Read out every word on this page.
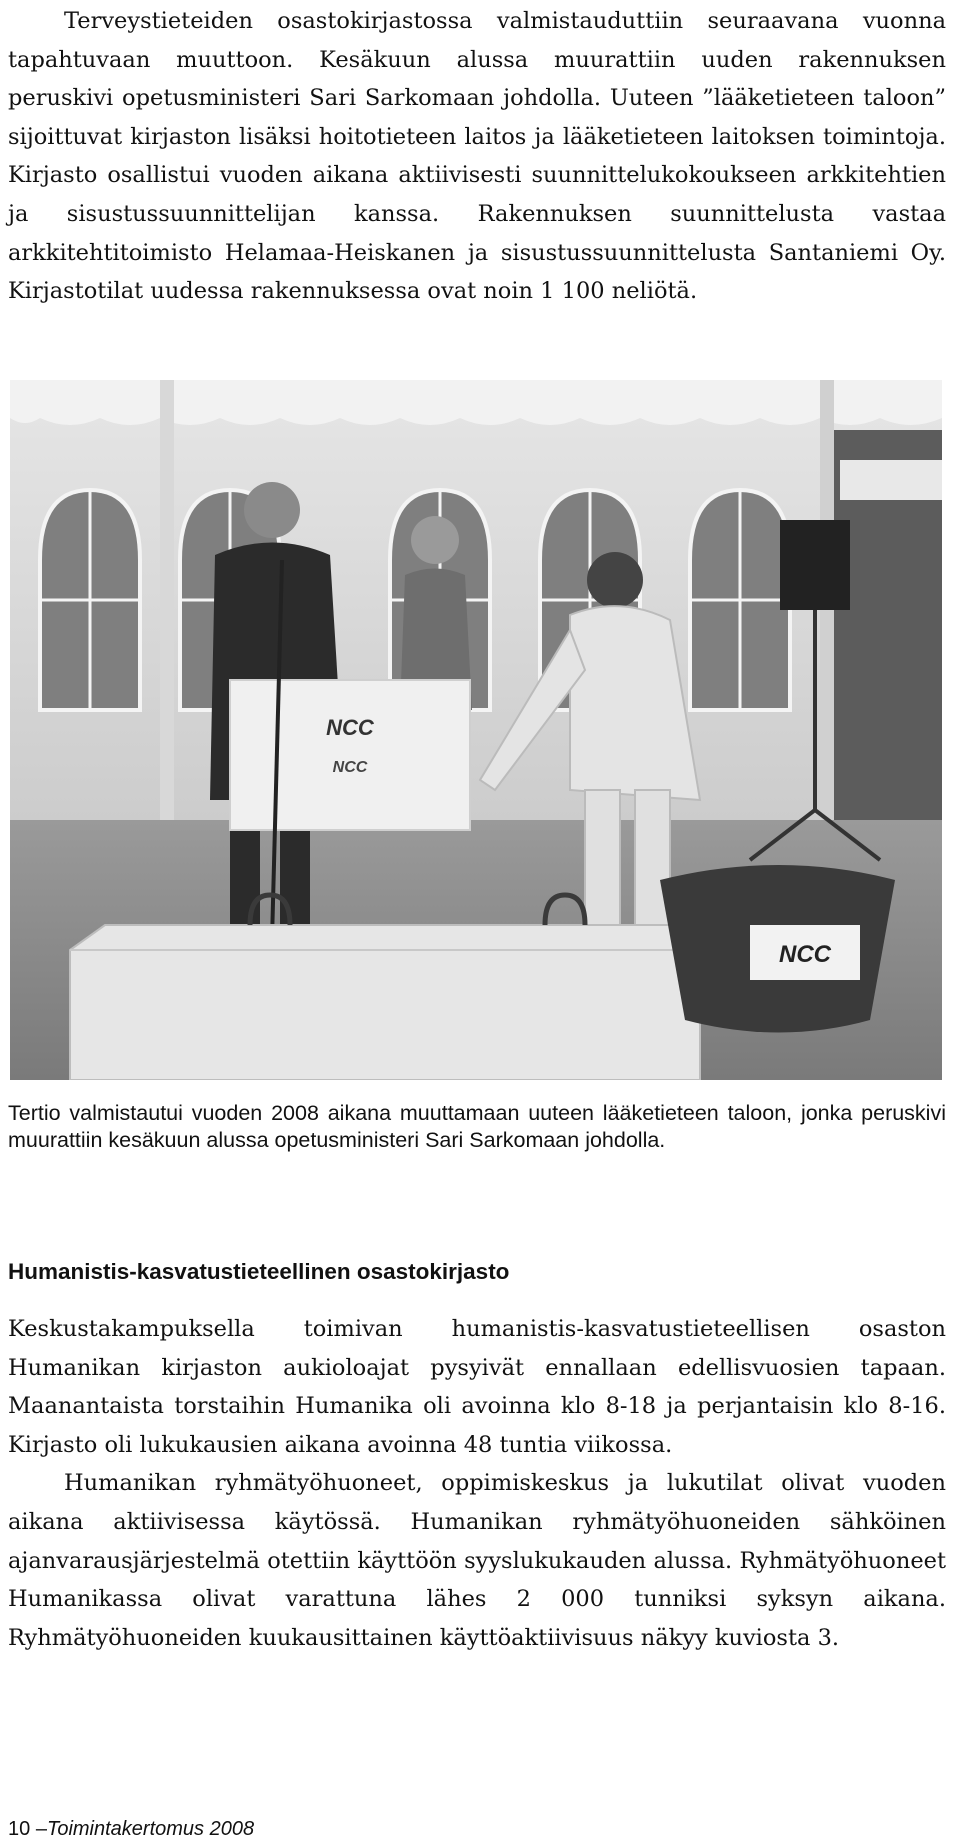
Terveystieteiden osastokirjastossa valmistauduttiin seuraavana vuonna tapahtuvaan muuttoon. Kesäkuun alussa muurattiin uuden rakennuksen peruskivi opetusministeri Sari Sarkomaan johdolla. Uuteen ”lääketieteen taloon” sijoittuvat kirjaston lisäksi hoitotieteen laitos ja lääketieteen laitoksen toimintoja. Kirjasto osallistui vuoden aikana aktiivisesti suunnittelukokoukseen arkkitehtien ja sisustussuunnittelijan kanssa. Rakennuksen suunnittelusta vastaa arkkitehtitoimisto Helamaa-Heiskanen ja sisustussuunnittelusta Santaniemi Oy. Kirjastotilat uudessa rakennuksessa ovat noin 1 100 neliötä.

NCC
NCC
NCC

Tertio valmistautui vuoden 2008 aikana muuttamaan uuteen lääketieteen taloon, jonka peruskivi muurattiin kesäkuun alussa opetusministeri Sari Sarkomaan johdolla.

Humanistis-kasvatustieteellinen osastokirjasto

Keskustakampuksella toimivan humanistis-kasvatustieteellisen osaston Humanikan kirjaston aukioloajat pysyivät ennallaan edellisvuosien tapaan. Maanantaista torstaihin Humanika oli avoinna klo 8-18 ja perjantaisin klo 8-16. Kirjasto oli lukukausien aikana avoinna 48 tuntia viikossa.

Humanikan ryhmätyöhuoneet, oppimiskeskus ja lukutilat olivat vuoden aikana aktiivisessa käytössä. Humanikan ryhmätyöhuoneiden sähköinen ajanvarausjärjestelmä otettiin käyttöön syyslukukauden alussa. Ryhmätyöhuoneet Humanikassa olivat varattuna lähes 2 000 tunniksi syksyn aikana. Ryhmätyöhuoneiden kuukausittainen käyttöaktiivisuus näkyy kuviosta 3.

10 –Toimintakertomus 2008
